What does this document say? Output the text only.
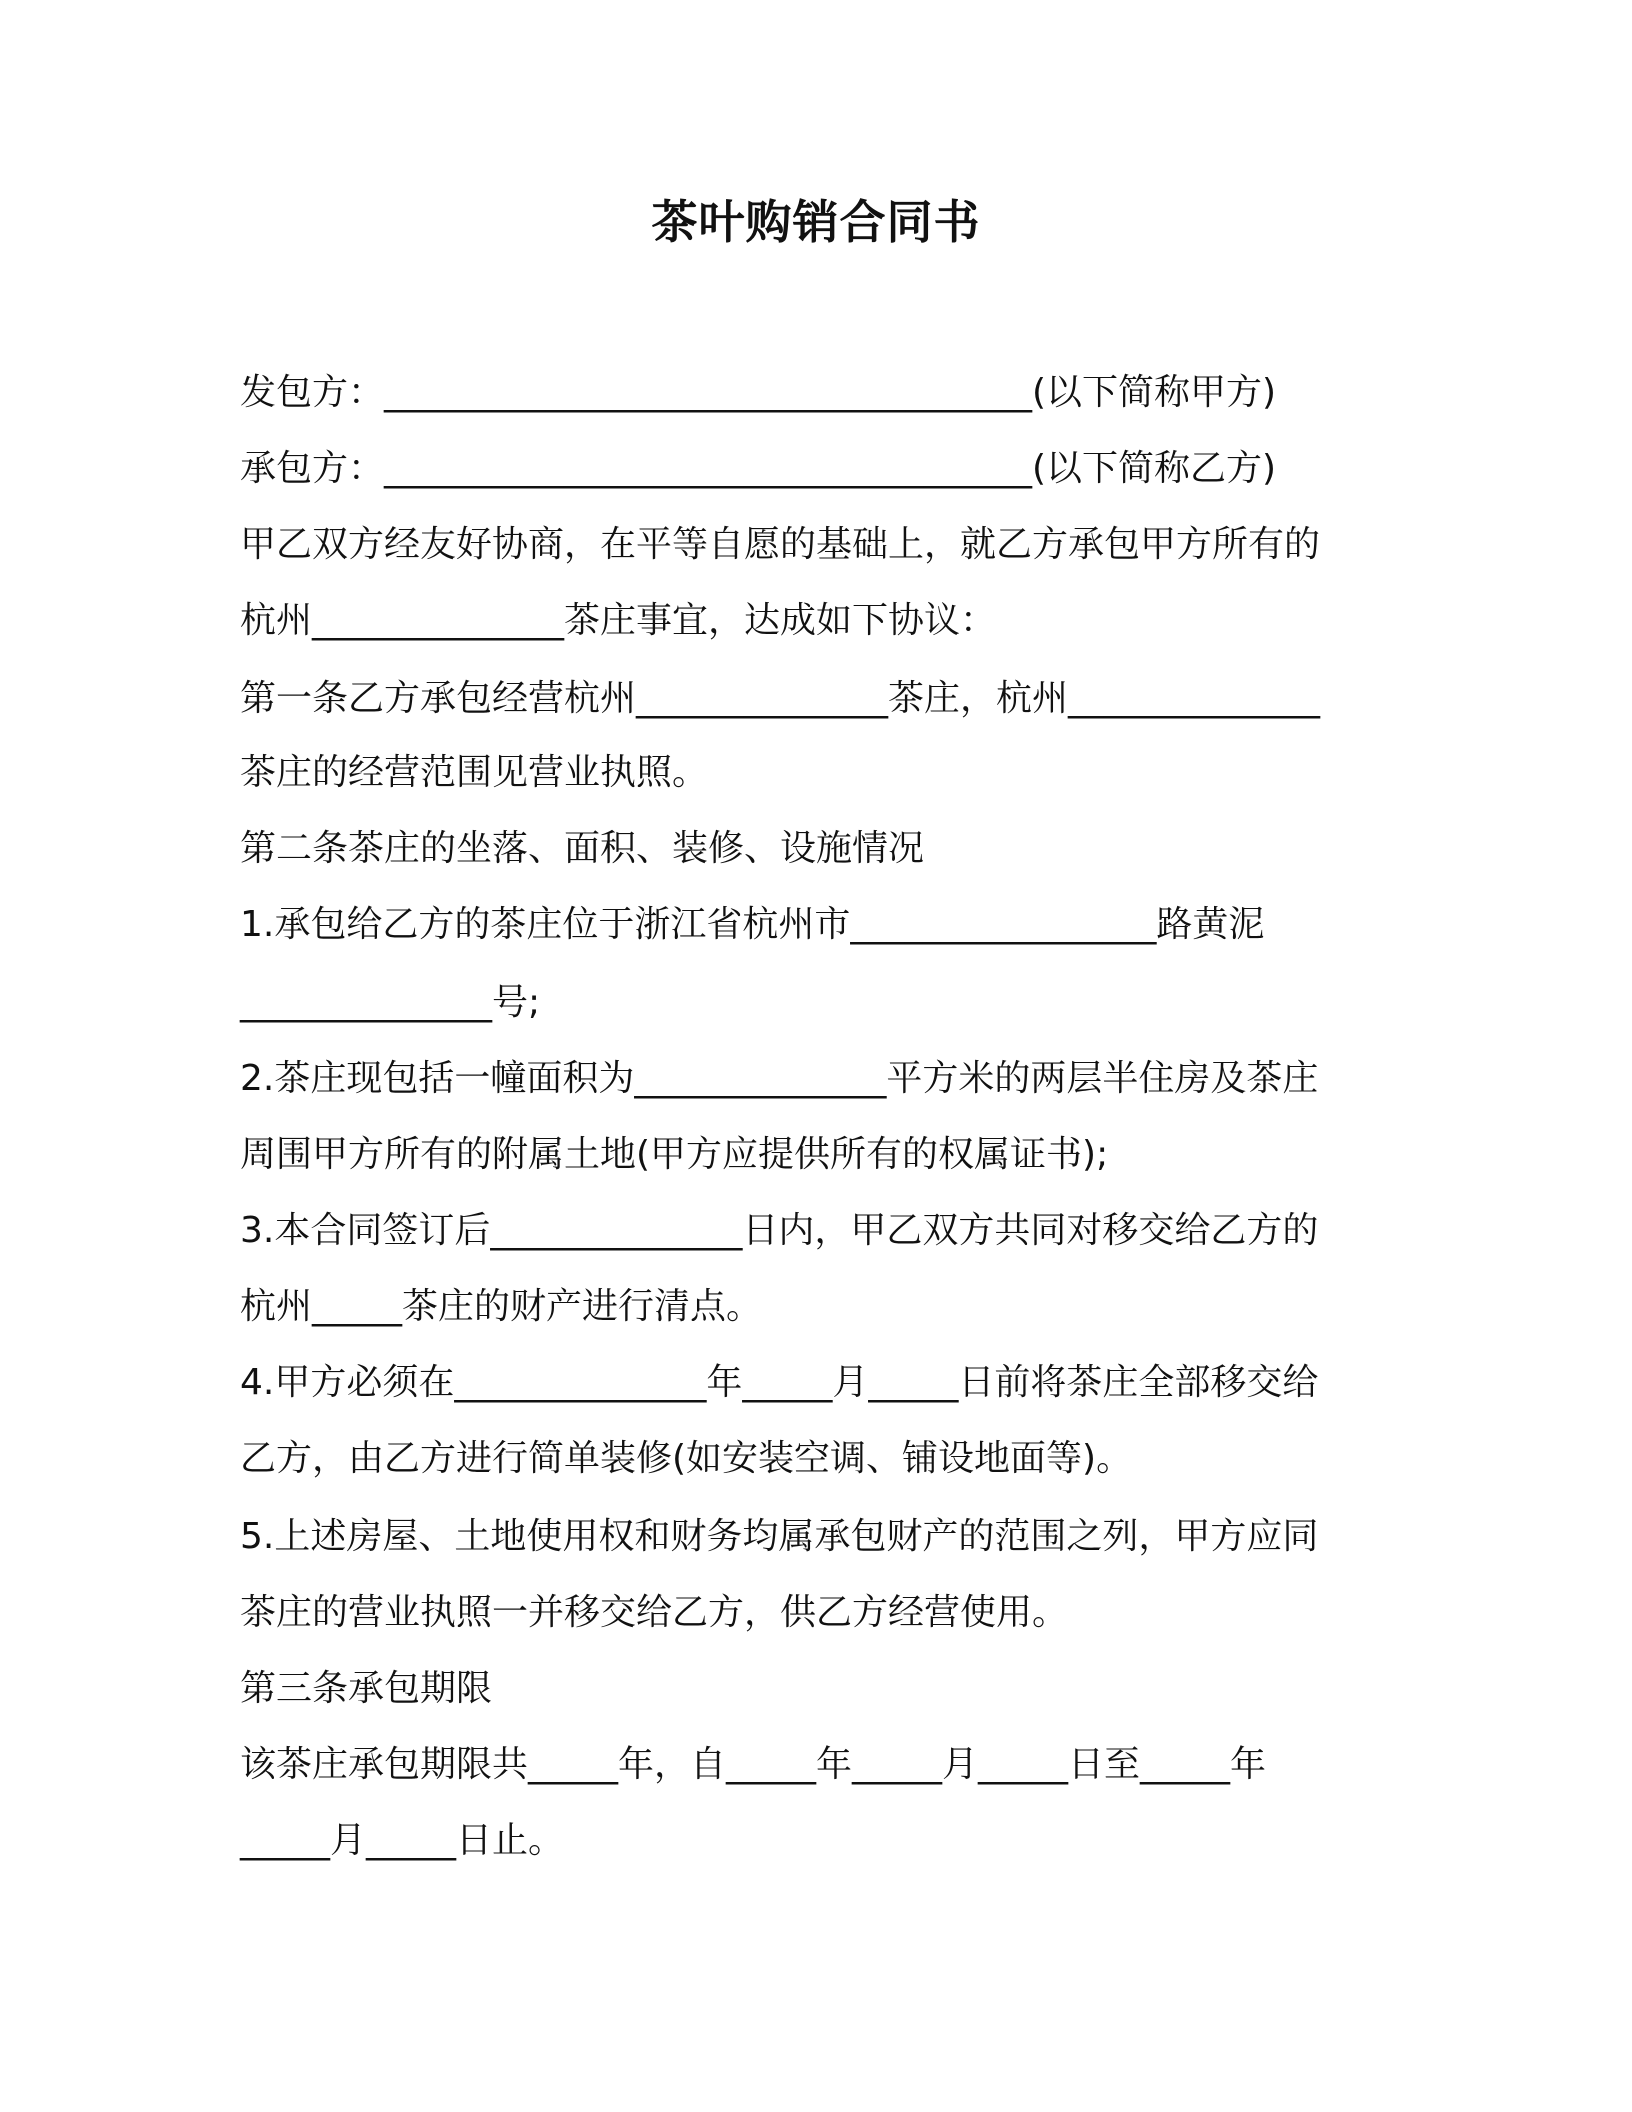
茶叶购销合同书
发包方：____________________________________(以下简称甲方)
承包方：____________________________________(以下简称乙方)
甲乙双方经友好协商，在平等自愿的基础上，就乙方承包甲方所有的
杭州______________茶庄事宜，达成如下协议：
第一条乙方承包经营杭州______________茶庄，杭州______________
茶庄的经营范围见营业执照。
第二条茶庄的坐落、面积、装修、设施情况
1.承包给乙方的茶庄位于浙江省杭州市_________________路黄泥
______________号;
2.茶庄现包括一幢面积为______________平方米的两层半住房及茶庄
周围甲方所有的附属土地(甲方应提供所有的权属证书);
3.本合同签订后______________日内，甲乙双方共同对移交给乙方的
杭州_____茶庄的财产进行清点。
4.甲方必须在______________年_____月_____日前将茶庄全部移交给
乙方，由乙方进行简单装修(如安装空调、铺设地面等)。
5.上述房屋、土地使用权和财务均属承包财产的范围之列，甲方应同
茶庄的营业执照一并移交给乙方，供乙方经营使用。
第三条承包期限
该茶庄承包期限共_____年，自_____年_____月_____日至_____年
_____月_____日止。
